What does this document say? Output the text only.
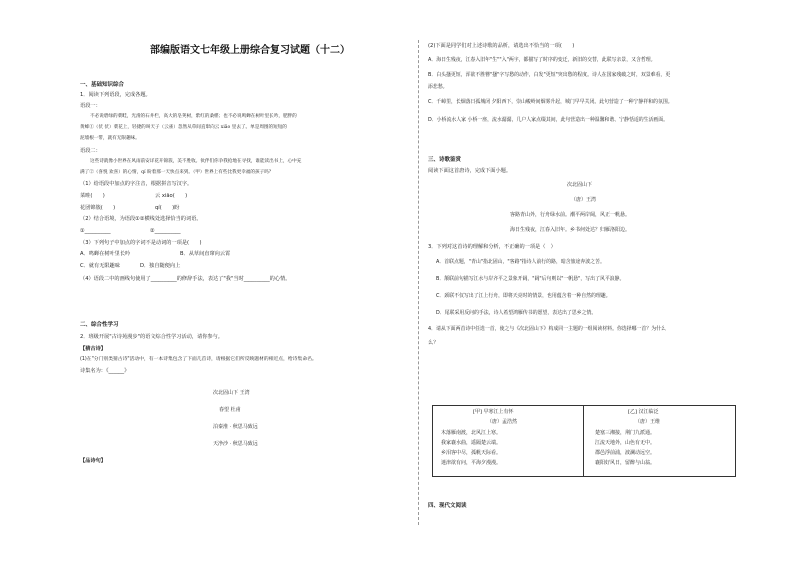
部编版语文七年级上册综合复习试题（十二）
一、基础知识综合
1．阅读下列语段，完成各题。
语段一：
不必说碧绿的菜畦，光滑的石井栏，高大的皂荚树，紫红的桑椹；也不必说鸣蝉在树叶里长吟，肥胖的
黄蜂①（伏 伏）菜花上，轻捷的叫天子（云雀）忽然从草间直窜向云 xiāo 里去了。单是周围的短短的
泥墙根一带，就有无限趣味。
语段二：
这些诗就像小世界在风雨前安详花开锦簇，美不胜收。伙伴们你争我抢地在寻找，谁能读出书上，心中充
满了②（喜悦 欢喜）的心情，qí 盼着那一天快点来到。（甲）世界上有些比我更幸福的孩子吗？
（1）给语段中加点的字注音，根据拼音写汉字。
菜畦(　　)	云 xiāo(　　)
花团锦簇(　　)	qí(　　)盼
（2）结合语境，为语段①②横线处选择恰当的词语。
①__________	②__________
（3）下列句子中加点的字词不是动词的一项是(　　)
A．鸣蝉在树叶里长吟	B．从草间直窜向云霄
C．就有无限趣味	D．独自随便向上
（4）语段二中的画线句使用了__________的修辞手法，表达了"我"当时__________的心情。
二、综合性学习
2．班级开展"古诗苑漫步"的语文综合性学习活动，请你参与。
【猜古诗】
(1)在"分门别类猜古诗"活动中，有一本诗集包含了下面几首诗，请根据它们所反映题材的相近点，给诗集命名。
诗集名为：《______》
次北固山下 王湾
春望 杜甫
泊秦淮 · 秋思马致远
天净沙 · 秋思马致远
【品诗句】
(2)下面是同学们对上述诗歌的品析，请选出不恰当的一项(　　)
A．海日生残夜，江春入旧年"生""入"两字，都描写了时序的变迁，新旧的交替，此联写亲景，又含哲理。
B．白头搔更短，浑欲不胜簪"搔"字写愁的动作，白发"更短"突出愁的程度。诗人在国家残破之时，双景难看，更
添悲愁。
C．千嶂里，长烟落日孤城闭 夕阳西下，崇山峻岭间烟雾升起，城门早早关闭。此句营造了一种宁静祥和的氛围。
D．小桥流水人家 小桥一座，流水潺潺，几户人家点缀其间，此句营造出一种温馨和谐、宁静恬适的生活画面。
三、诗歌鉴赏
阅读下面这首唐诗，完成下面小题。
次北固山下
（唐）王湾
客路青山外，行舟绿水前。潮平两岸阔，风正一帆悬。
海日生残夜，江春入旧年。乡书何处达？归雁洛阳边。
3．下列对这首诗的理解和分析，不正确的一项是（　）
A．首联点题，"青山"指北固山，"客路"指诗人前行的路，暗含旅途奔波之苦。
B．颔联前句描写江水与岸齐平之景象开阔，"阔"后句则以"一帆悬"，写出了风平浪静。
C．颈联不仅写出了江上行舟，即将天亮时的情景，也用蕴含着一种自然的理趣。
D．尾联采用反问的手法，诗人希望鸿雁传书的愿望，表达出了思乡之情。
4．请从下面两首诗中任选一首，使之与《次北固山下》构成同一主题的一组阅读材料。你选择哪一首？为什么
么？
[甲] 早寒江上有怀
（唐）孟浩然
木落雁南渡，北风江上寒。
我家襄水曲，遥隔楚云端。
乡泪客中尽，孤帆天际看。
迷津欲有问，平海夕漫漫。
[乙] 汉江临泛
（唐）王维
楚塞三湘接，荆门九派通。
江流天地外，山色有无中。
郡邑浮前浦，波澜动远空。
襄阳好风日，留醉与山翁。
四、现代文阅读
